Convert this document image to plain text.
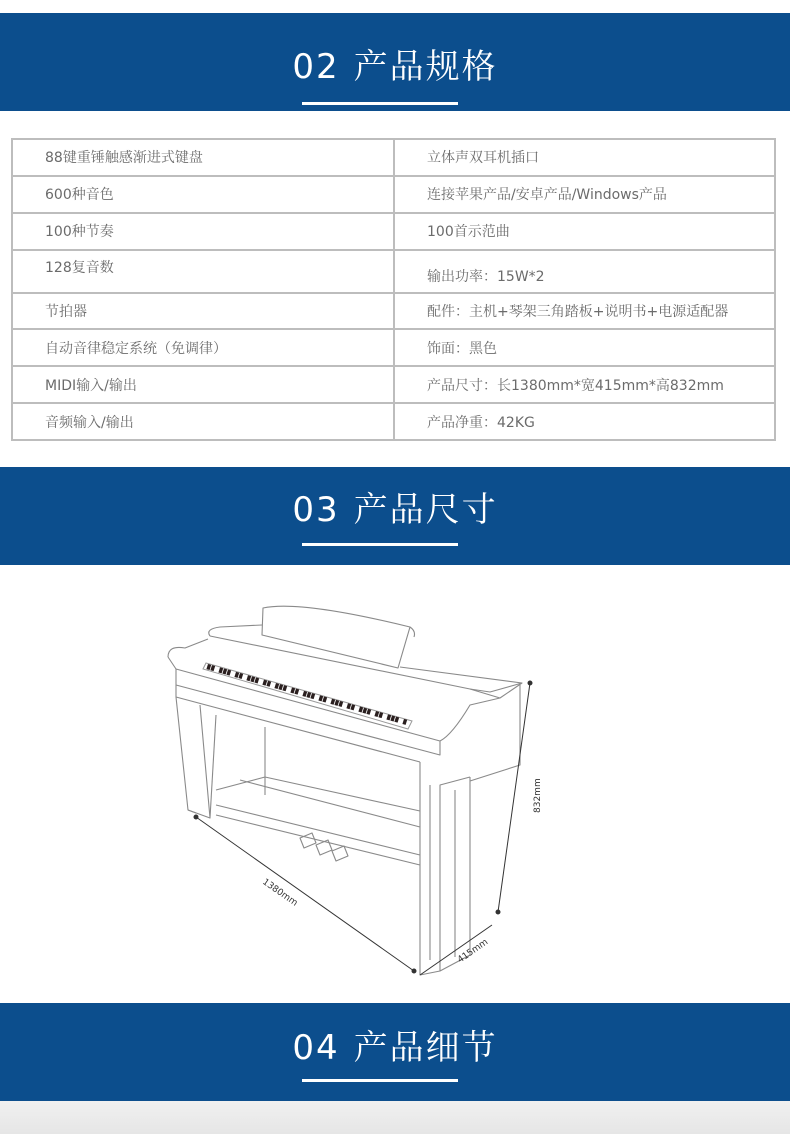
02 产品规格
88键重锤触感渐进式键盘	立体声双耳机插口
600种音色	连接苹果产品/安卓产品/Windows产品
100种节奏	100首示范曲
128复音数	输出功率：15W*2
节拍器	配件：主机+琴架三角踏板+说明书+电源适配器
自动音律稳定系统（免调律）	饰面：黑色
MIDI输入/输出	产品尺寸：长1380mm*宽415mm*高832mm
音频输入/输出	产品净重：42KG
03 产品尺寸
1380mm
832mm
415mm
04 产品细节
